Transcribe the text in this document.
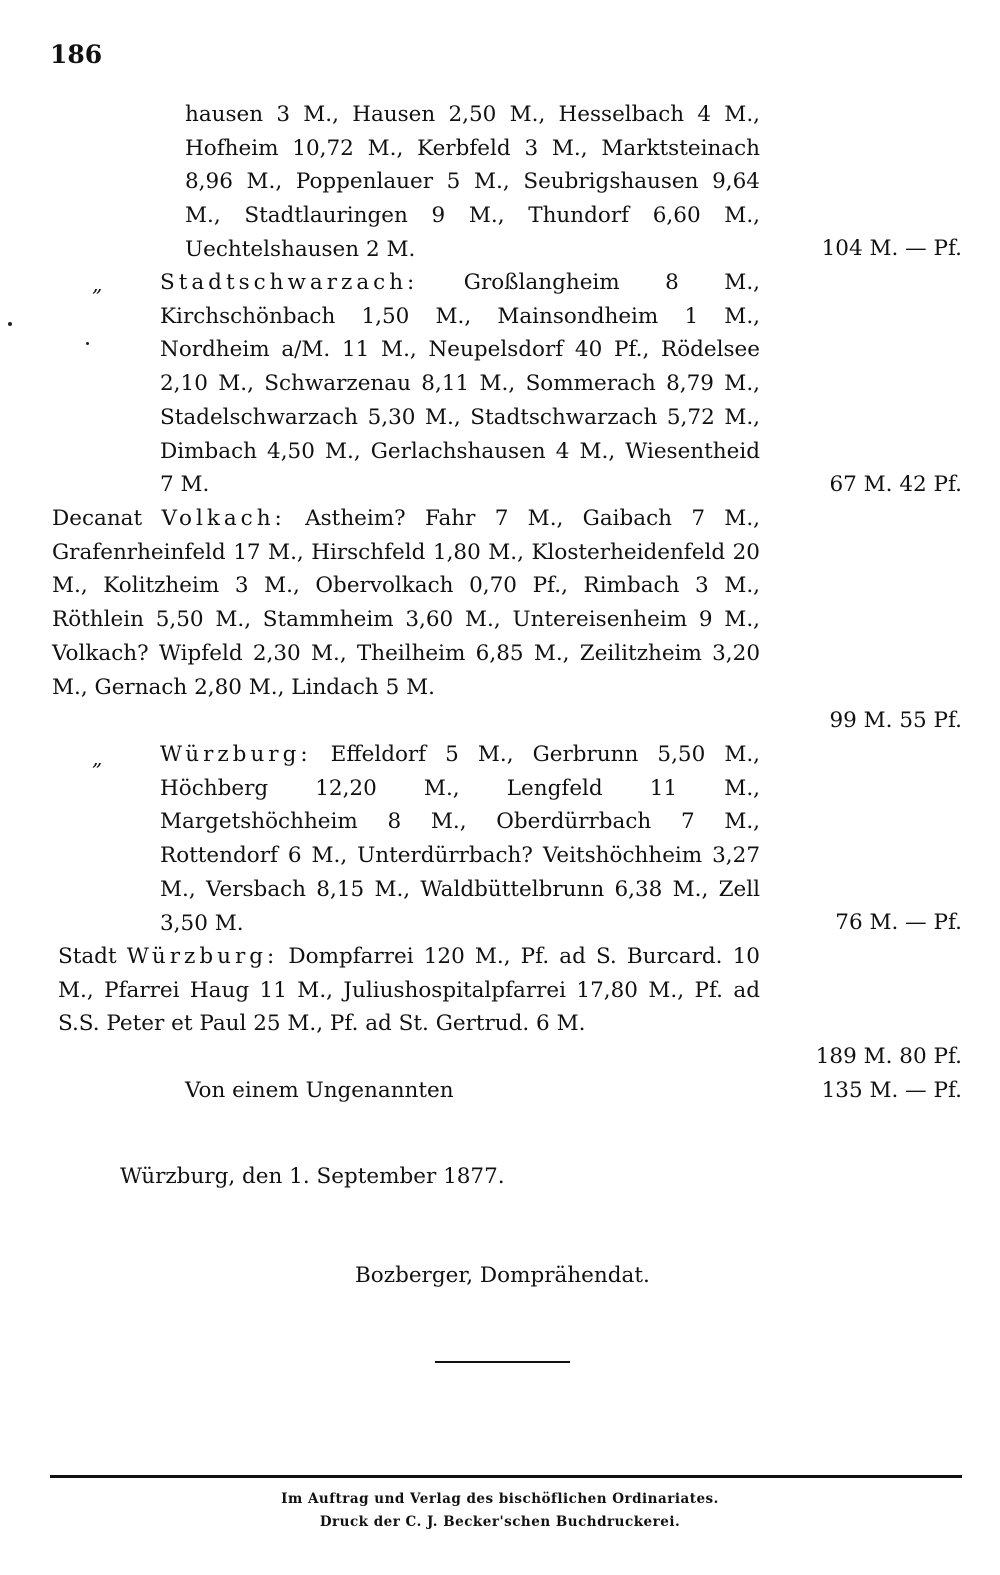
186
hausen 3 M., Hausen 2,50 M., Hesselbach 4 M., Hofheim 10,72 M., Kerbfeld 3 M., Marktsteinach 8,96 M., Poppenlauer 5 M., Seubrigshausen 9,64 M., Stadtlauringen 9 M., Thundorf 6,60 M., Uechtelshausen 2 M.	104 M. — Pf.
„	Stadtschwarzach: Großlangheim 8 M., Kirchschönbach 1,50 M., Mainsondheim 1 M., Nordheim a/M. 11 M., Neupelsdorf 40 Pf., Rödelsee 2,10 M., Schwarzenau 8,11 M., Sommerach 8,79 M., Stadelschwarzach 5,30 M., Stadtschwarzach 5,72 M., Dimbach 4,50 M., Gerlachshausen 4 M., Wiesentheid 7 M.	67 M. 42 Pf.
Decanat Volkach: Astheim? Fahr 7 M., Gaibach 7 M., Grafenrheinfeld 17 M., Hirschfeld 1,80 M., Klosterheidenfeld 20 M., Kolitzheim 3 M., Obervolkach 0,70 Pf., Rimbach 3 M., Röthlein 5,50 M., Stammheim 3,60 M., Untereisenheim 9 M., Volkach? Wipfeld 2,30 M., Theilheim 6,85 M., Zeilitzheim 3,20 M., Gernach 2,80 M., Lindach 5 M.
99 M. 55 Pf.
„	Würzburg: Effeldorf 5 M., Gerbrunn 5,50 M., Höchberg 12,20 M., Lengfeld 11 M., Margetshöchheim 8 M., Oberdürrbach 7 M., Rottendorf 6 M., Unterdürrbach? Veitshöchheim 3,27 M., Versbach 8,15 M., Waldbüttelbrunn 6,38 M., Zell 3,50 M.	76 M. — Pf.
Stadt Würzburg: Dompfarrei 120 M., Pf. ad S. Burcard. 10 M., Pfarrei Haug 11 M., Juliushospitalpfarrei 17,80 M., Pf. ad S.S. Peter et Paul 25 M., Pf. ad St. Gertrud. 6 M.
189 M. 80 Pf.
Von einem Ungenannten	135 M. — Pf.
Würzburg, den 1. September 1877.
Bozberger, Domprähendat.
Im Auftrag und Verlag des bischöflichen Ordinariates.
Druck der C. J. Becker'schen Buchdruckerei.
